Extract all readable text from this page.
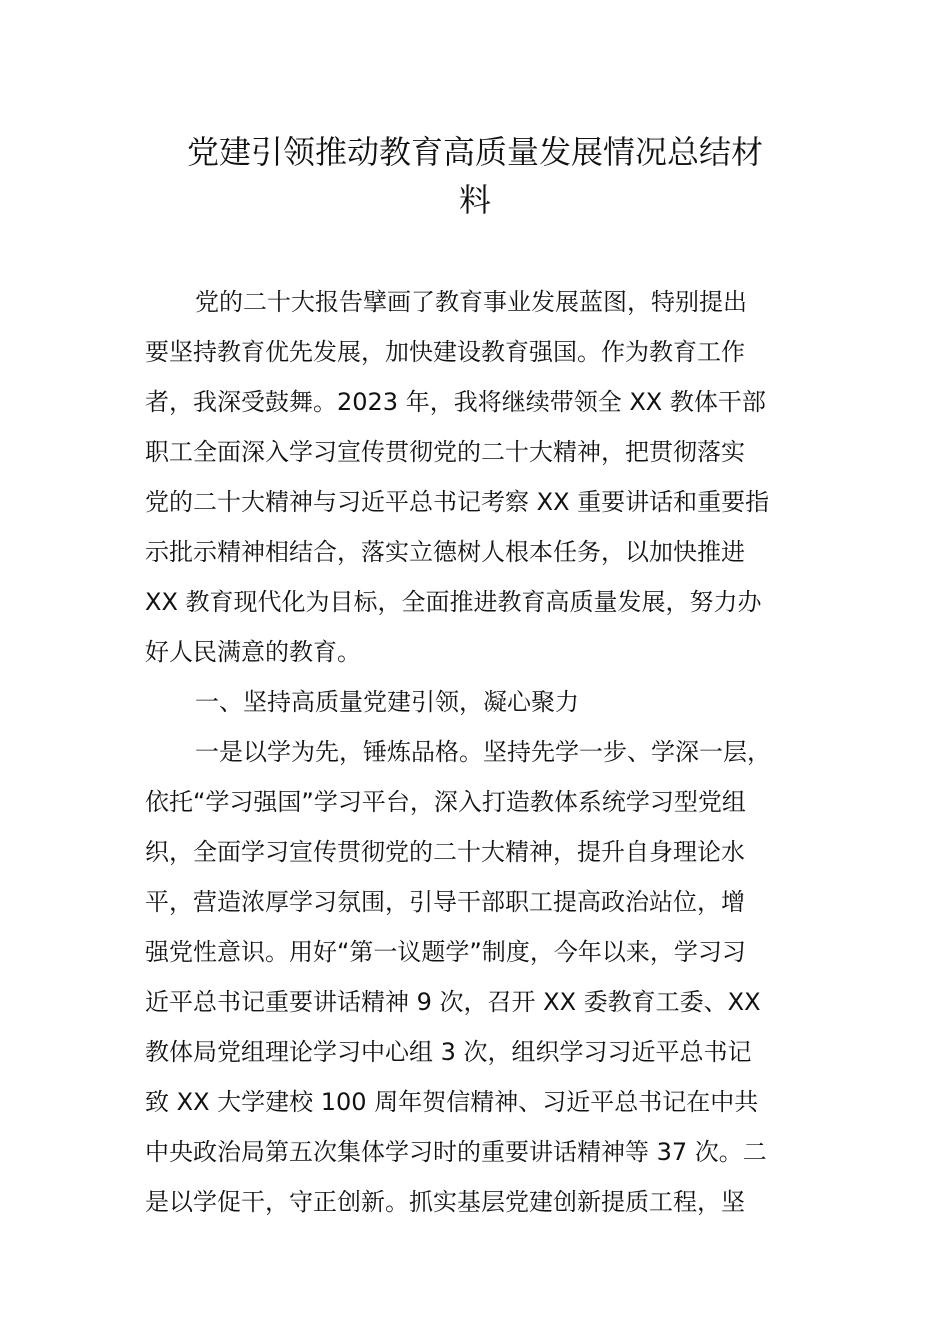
党建引领推动教育高质量发展情况总结材
料
党的二十大报告擘画了教育事业发展蓝图，特别提出
要坚持教育优先发展，加快建设教育强国。作为教育工作
者，我深受鼓舞。2023 年，我将继续带领全 XX 教体干部
职工全面深入学习宣传贯彻党的二十大精神，把贯彻落实
党的二十大精神与习近平总书记考察 XX 重要讲话和重要指
示批示精神相结合，落实立德树人根本任务，以加快推进
XX 教育现代化为目标，全面推进教育高质量发展，努力办
好人民满意的教育。
一、坚持高质量党建引领，凝心聚力
一是以学为先，锤炼品格。坚持先学一步、学深一层，
依托“学习强国”学习平台，深入打造教体系统学习型党组
织，全面学习宣传贯彻党的二十大精神，提升自身理论水
平，营造浓厚学习氛围，引导干部职工提高政治站位，增
强党性意识。用好“第一议题学”制度，今年以来，学习习
近平总书记重要讲话精神 9 次，召开 XX 委教育工委、XX
教体局党组理论学习中心组 3 次，组织学习习近平总书记
致 XX 大学建校 100 周年贺信精神、习近平总书记在中共
中央政治局第五次集体学习时的重要讲话精神等 37 次。二
是以学促干，守正创新。抓实基层党建创新提质工程，坚
